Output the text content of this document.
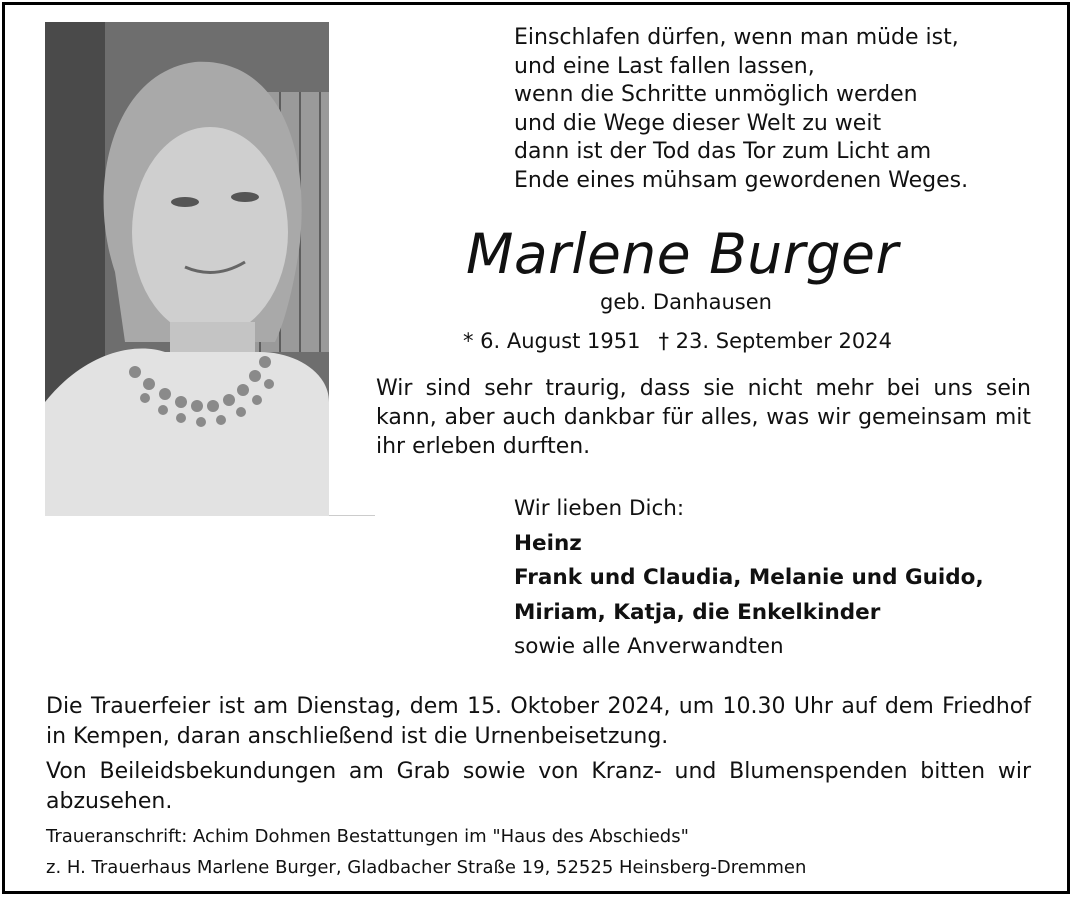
Einschlafen dürfen, wenn man müde ist,
und eine Last fallen lassen,
wenn die Schritte unmöglich werden
und die Wege dieser Welt zu weit
dann ist der Tod das Tor zum Licht am
Ende eines mühsam gewordenen Weges.
Marlene Burger
geb. Danhausen
* 6. August 1951 † 23. September 2024
Wir sind sehr traurig, dass sie nicht mehr bei uns sein kann, aber auch dankbar für alles, was wir gemeinsam mit ihr erleben durften.
Wir lieben Dich:
Heinz
Frank und Claudia, Melanie und Guido,
Miriam, Katja, die Enkelkinder
sowie alle Anverwandten
Die Trauerfeier ist am Dienstag, dem 15. Oktober 2024, um 10.30 Uhr auf dem Friedhof in Kempen, daran anschließend ist die Urnenbeisetzung.
Von Beileidsbekundungen am Grab sowie von Kranz- und Blumenspenden bitten wir abzusehen.
Traueranschrift: Achim Dohmen Bestattungen im "Haus des Abschieds"
z. H. Trauerhaus Marlene Burger, Gladbacher Straße 19, 52525 Heinsberg-Dremmen
